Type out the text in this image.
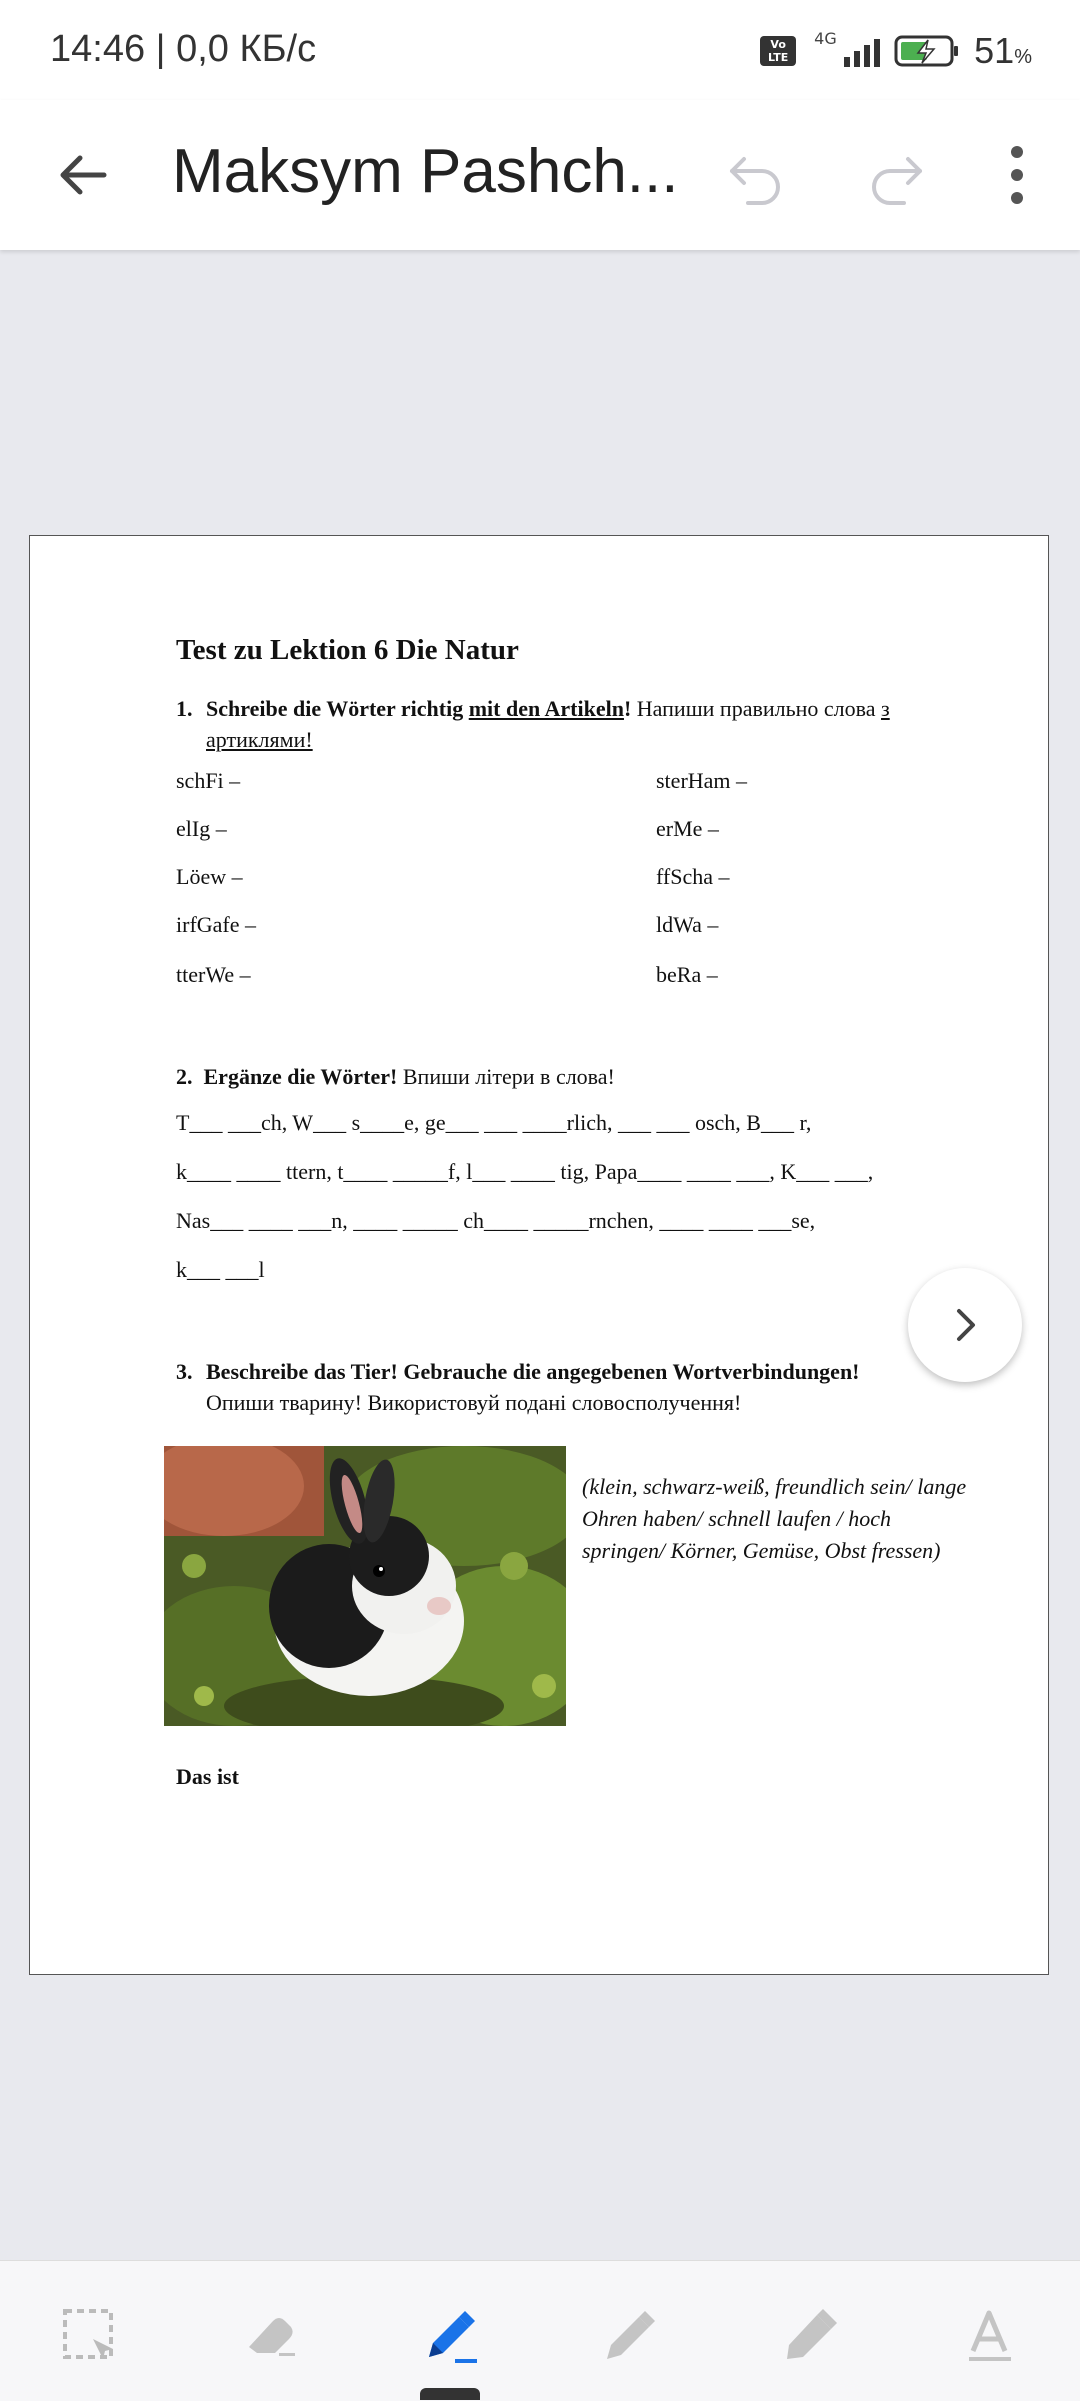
14:46 | 0,0 КБ/с	Vo
LTE
4G	51%
Maksym Pashch...
Test zu Lektion 6 Die Natur
1. Schreibe die Wörter richtig mit den Artikeln! Напиши правильно слова з артиклями!
schFi –
elIg –
Löew –
irfGafe –
tterWe –
sterHam –
erMe –
ffScha –
ldWa –
beRa –
2. Ergänze die Wörter! Впиши літери в слова!
T___ ___ch, W___ s____e, ge___ ___ ____rlich, ___ ___ osch, B___ r,
k____ ____ ttern, t____ _____f, l___ ____ tig, Papa____ ____ ___, K___ ___,
Nas___ ____ ___n, ____ _____ ch____ _____rnchen, ____ ____ ___se,
k___ ___l
3. Beschreibe das Tier! Gebrauche die angegebenen Wortverbindungen!
Опиши тварину! Використовуй подані словосполучення!
(klein, schwarz-weiß, freundlich sein/ lange Ohren haben/ schnell laufen / hoch springen/ Körner, Gemüse, Obst fressen)
Das ist
